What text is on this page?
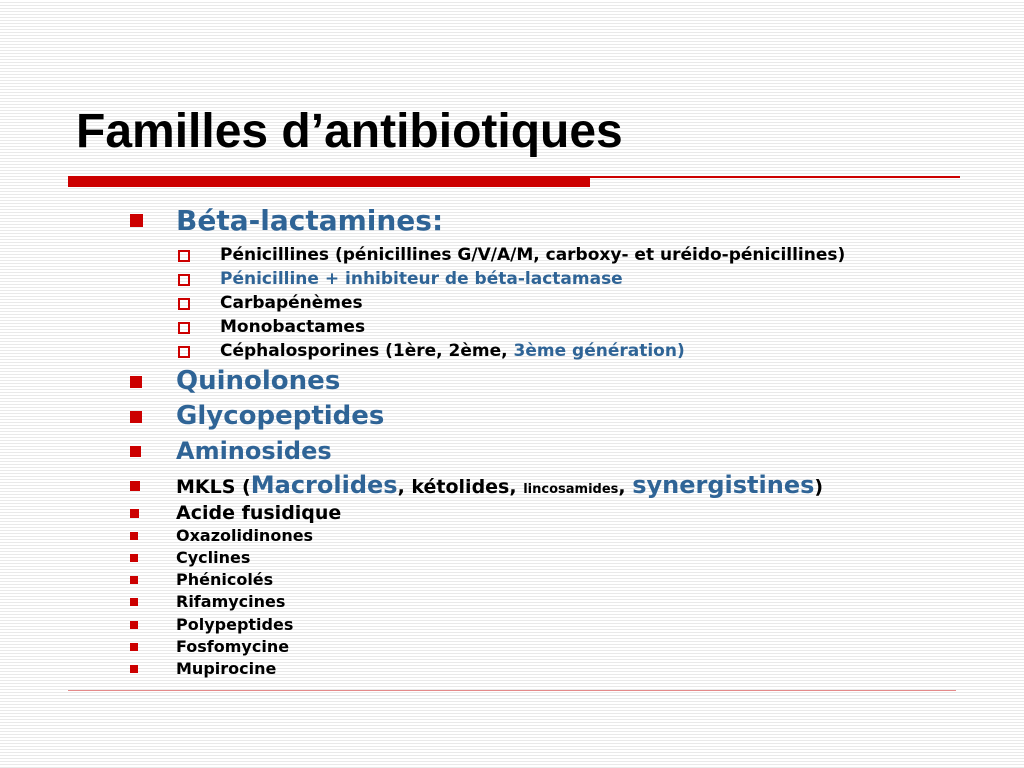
Familles d’antibiotiques
Béta-lactamines:
Pénicillines (pénicillines G/V/A/M, carboxy- et uréido-pénicillines)
Pénicilline + inhibiteur de béta-lactamase
Carbapénèmes
Monobactames
Céphalosporines (1ère, 2ème, 3ème génération)
Quinolones
Glycopeptides
Aminosides
MKLS (Macrolides, kétolides, lincosamides, synergistines)
Acide fusidique
Oxazolidinones
Cyclines
Phénicolés
Rifamycines
Polypeptides
Fosfomycine
Mupirocine
